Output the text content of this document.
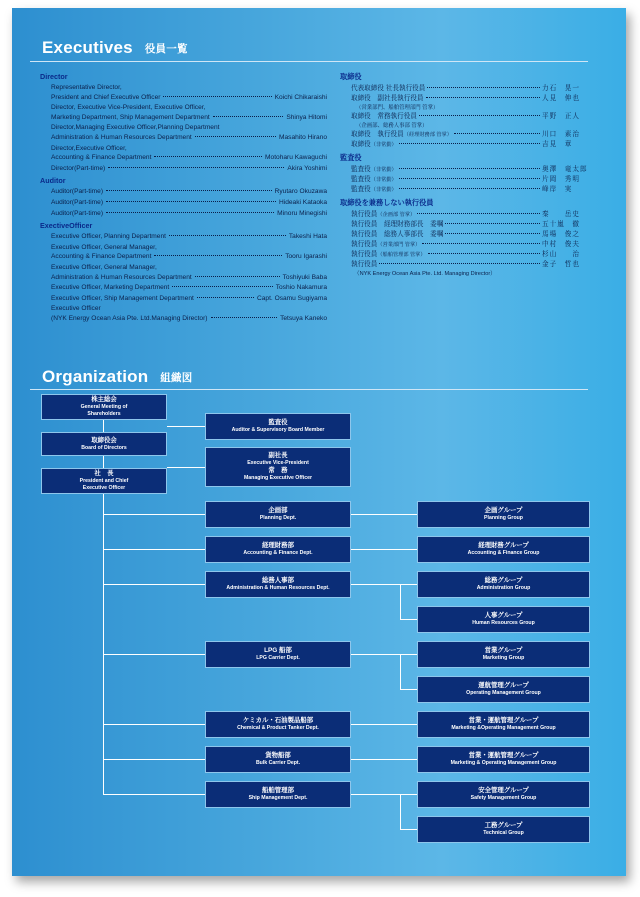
Executives 役員一覧
Director
Representative Director,
President and Chief Executive Officer	Koichi Chikaraishi
Director, Executive Vice-President, Executive Officer,
Marketing Department, Ship Management Department	Shinya Hitomi
Director,Managing Executive Officer,Planning Department
Administration & Human Resources Department	Masahito Hirano
Director,Executive Officer,
Accounting & Finance Department	Motoharu Kawaguchi
Director(Part-time)	Akira Yoshimi
Auditor
Auditor(Part-time)	Ryutaro Okuzawa
Auditor(Part-time)	Hideaki Kataoka
Auditor(Part-time)	Minoru Minegishi
ExectiveOfficer
Executive Officer, Planning Department	Takeshi Hata
Executive Officer, General Manager,
Accounting & Finance Department	Tooru Igarashi
Executive Officer, General Manager,
Administration & Human Resources Department	Toshiyuki Baba
Executive Officer, Marketing Department	Toshio Nakamura
Executive Officer, Ship Management Department	Capt. Osamu Sugiyama
Executive Officer
(NYK Energy Ocean Asia Pte. Ltd.Managing Director)	Tetsuya Kaneko
取締役
代表取締役 社長執行役員	力石　晃一
取締役　副社長執行役員	人見　伸也
（営業部門、船舶管理部門 管掌）
取締役　常務執行役員	平野　正人
（企画部、総務人事部 管掌）
取締役　執行役員 （経理財務部 管掌）	川口　素治
取締役 （非常勤）	吉見　章
監査役
監査役 （非常勤）	奥澤　竜太郎
監査役 （非常勤）	片岡　秀明
監査役 （非常勤）	峰岸　実
取締役を兼務しない執行役員
執行役員 （企画部 管掌）	秦　　岳史
執行役員　経理財務部長　委嘱	五十嵐　徹
執行役員　総務人事部長　委嘱	馬場　俊之
執行役員 （営業部門 管掌）	中村　俊夫
執行役員 （船舶管理部 管掌）	杉山　　治
執行役員	金子　哲也
（NYK Energy Ocean Asia Pte. Ltd. Managing Director）
Organization 組織図
株主総会
General Meeting of
Shareholders
取締役会
Board of Directors
社　長
President and Chief
Executive Officer
監査役
Auditor & Supervisory Board Member
副社長
Executive Vice-President
常　務
Managing Executive Officer
企画部
Planning Dept.
経理財務部
Accounting & Finance Dept.
総務人事部
Administration & Human Resources Dept.
LPG 船部
LPG Carrier Dept.
ケミカル・石油製品船部
Chemical & Product Tanker Dept.
貨物船部
Bulk Carrier Dept.
船舶管理部
Ship Management Dept.
企画グループ
Planning Group
経理財務グループ
Accounting & Finance Group
総務グループ
Administration Group
人事グループ
Human Resources Group
営業グループ
Marketing Group
運航管理グループ
Operating Management Group
営業・運航管理グループ
Marketing &Operating Management Group
営業・運航管理グループ
Marketing & Operating Management Group
安全管理グループ
Safety Management Group
工務グループ
Technical Group
